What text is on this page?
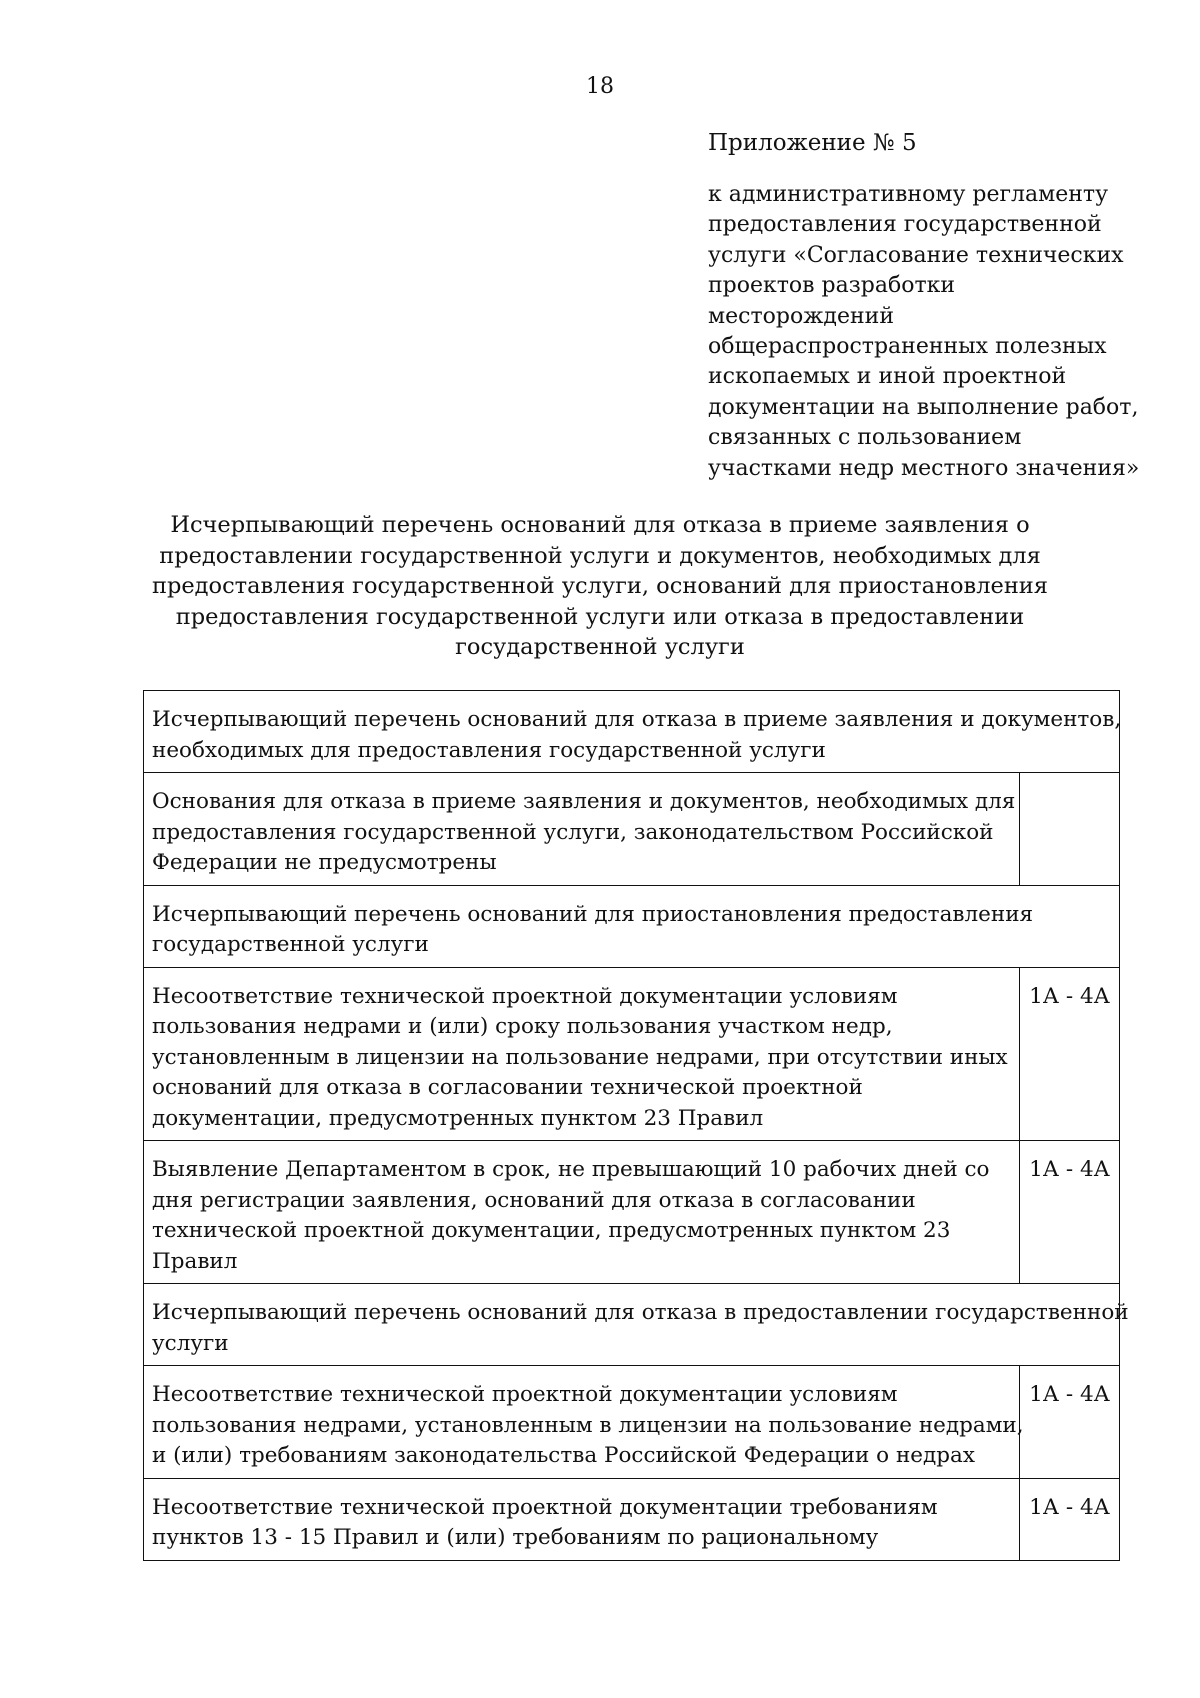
18
Приложение № 5
к административному регламенту
предоставления государственной
услуги «Согласование технических
проектов разработки
месторождений
общераспространенных полезных
ископаемых и иной проектной
документации на выполнение работ,
связанных с пользованием
участками недр местного значения»
Исчерпывающий перечень оснований для отказа в приеме заявления о
предоставлении государственной услуги и документов, необходимых для
предоставления государственной услуги, оснований для приостановления
предоставления государственной услуги или отказа в предоставлении
государственной услуги
Исчерпывающий перечень оснований для отказа в приеме заявления и документов,
необходимых для предоставления государственной услуги	

Основания для отказа в приеме заявления и документов, необходимых для
предоставления государственной услуги, законодательством Российской
Федерации не предусмотрены	

Исчерпывающий перечень оснований для приостановления предоставления
государственной услуги	

Несоответствие технической проектной документации условиям
пользования недрами и (или) сроку пользования участком недр,
установленным в лицензии на пользование недрами, при отсутствии иных
оснований для отказа в согласовании технической проектной
документации, предусмотренных пунктом 23 Правил	1А - 4А

Выявление Департаментом в срок, не превышающий 10 рабочих дней со
дня регистрации заявления, оснований для отказа в согласовании
технической проектной документации, предусмотренных пунктом 23
Правил	1А - 4А

Исчерпывающий перечень оснований для отказа в предоставлении государственной
услуги	

Несоответствие технической проектной документации условиям
пользования недрами, установленным в лицензии на пользование недрами,
и (или) требованиям законодательства Российской Федерации о недрах	1А - 4А

Несоответствие технической проектной документации требованиям
пунктов 13 - 15 Правил и (или) требованиям по рациональному	1А - 4А
